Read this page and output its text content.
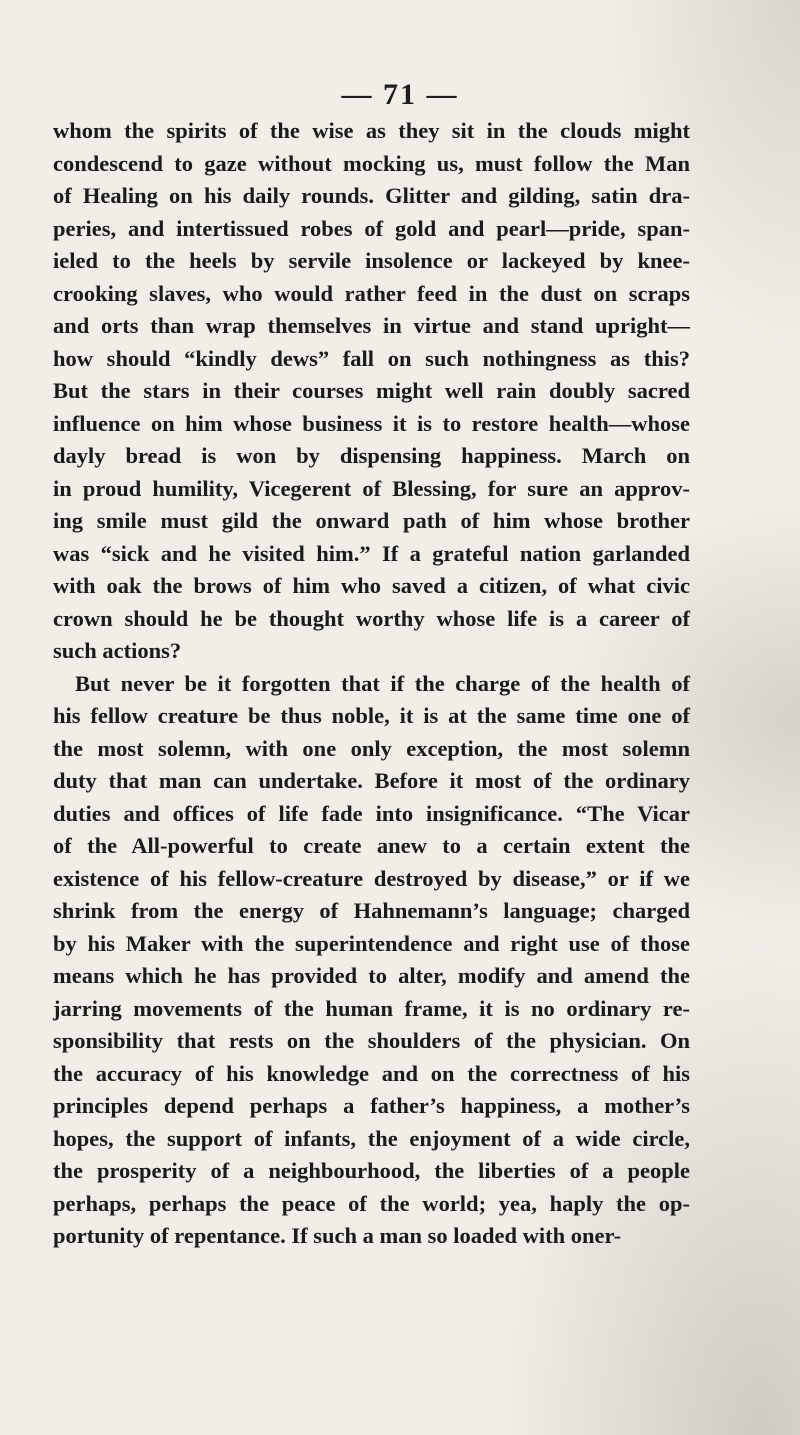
— 71 —
whom the spirits of the wise as they sit in the clouds might
condescend to gaze without mocking us, must follow the Man
of Healing on his daily rounds. Glitter and gilding, satin dra-
peries, and intertissued robes of gold and pearl—pride, span-
ieled to the heels by servile insolence or lackeyed by knee-
crooking slaves, who would rather feed in the dust on scraps
and orts than wrap themselves in virtue and stand upright—
how should “kindly dews” fall on such nothingness as this?
But the stars in their courses might well rain doubly sacred
influence on him whose business it is to restore health—whose
dayly bread is won by dispensing happiness. March on
in proud humility, Vicegerent of Blessing, for sure an approv-
ing smile must gild the onward path of him whose brother
was “sick and he visited him.” If a grateful nation garlanded
with oak the brows of him who saved a citizen, of what civic
crown should he be thought worthy whose life is a career of
such actions?
But never be it forgotten that if the charge of the health of
his fellow creature be thus noble, it is at the same time one of
the most solemn, with one only exception, the most solemn
duty that man can undertake. Before it most of the ordinary
duties and offices of life fade into insignificance. “The Vicar
of the All-powerful to create anew to a certain extent the
existence of his fellow-creature destroyed by disease,” or if we
shrink from the energy of Hahnemann’s language; charged
by his Maker with the superintendence and right use of those
means which he has provided to alter, modify and amend the
jarring movements of the human frame, it is no ordinary re-
sponsibility that rests on the shoulders of the physician. On
the accuracy of his knowledge and on the correctness of his
principles depend perhaps a father’s happiness, a mother’s
hopes, the support of infants, the enjoyment of a wide circle,
the prosperity of a neighbourhood, the liberties of a people
perhaps, perhaps the peace of the world; yea, haply the op-
portunity of repentance. If such a man so loaded with oner-
